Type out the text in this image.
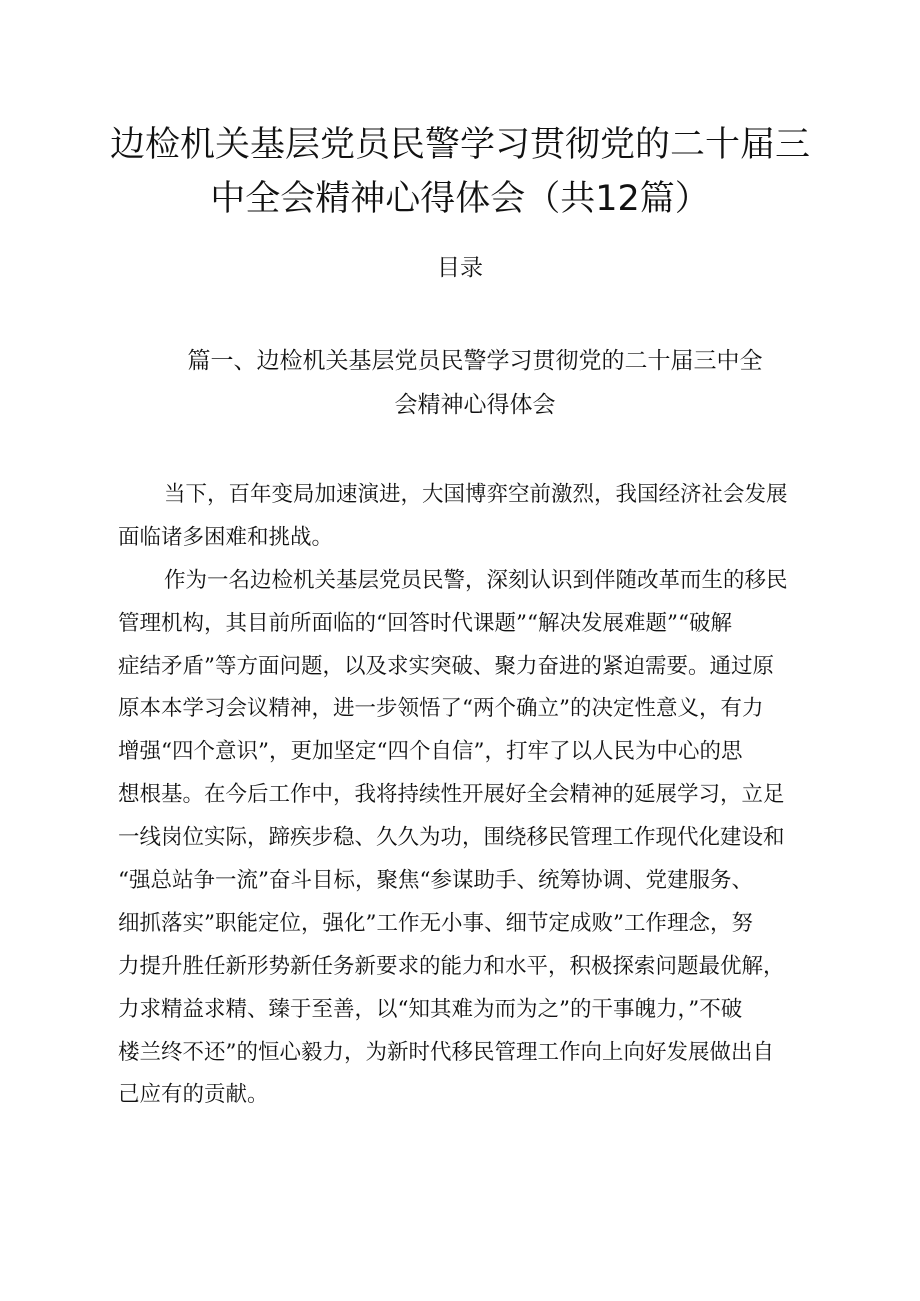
边检机关基层党员民警学习贯彻党的二十届三
中全会精神心得体会（共12篇）
目录
篇一、边检机关基层党员民警学习贯彻党的二十届三中全
会精神心得体会
当下，百年变局加速演进，大国博弈空前激烈，我国经济社会发展
面临诸多困难和挑战。
作为一名边检机关基层党员民警，深刻认识到伴随改革而生的移民
管理机构，其目前所面临的“回答时代课题”“解决发展难题”“破解
症结矛盾”等方面问题，以及求实突破、聚力奋进的紧迫需要。通过原
原本本学习会议精神，进一步领悟了“两个确立”的决定性意义，有力
增强“四个意识”，更加坚定“四个自信”，打牢了以人民为中心的思
想根基。在今后工作中，我将持续性开展好全会精神的延展学习，立足
一线岗位实际，蹄疾步稳、久久为功，围绕移民管理工作现代化建设和
“强总站争一流”奋斗目标，聚焦“参谋助手、统筹协调、党建服务、
细抓落实”职能定位，强化”工作无小事、细节定成败”工作理念，努
力提升胜任新形势新任务新要求的能力和水平，积极探索问题最优解，
力求精益求精、臻于至善，以“知其难为而为之”的干事魄力，”不破
楼兰终不还”的恒心毅力，为新时代移民管理工作向上向好发展做出自
己应有的贡献。
